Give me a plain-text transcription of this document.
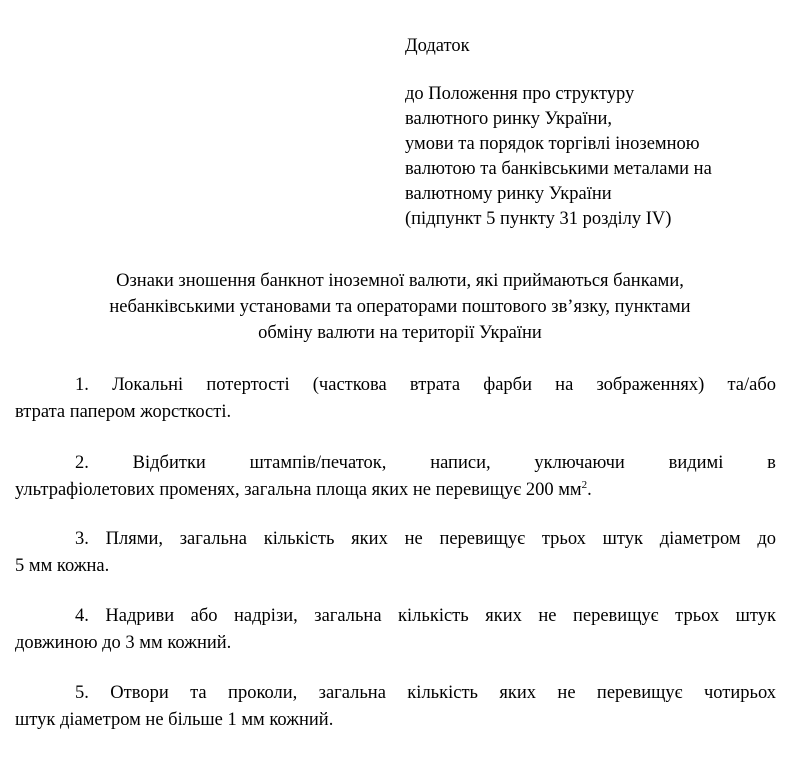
Додаток

до Положення про структуру
валютного ринку України,
умови та порядок торгівлі іноземною
валютою та банківськими металами на
валютному ринку України
(підпункт 5 пункту 31 розділу IV)
Ознаки зношення банкнот іноземної валюти, які приймаються банками,
небанківськими установами та операторами поштового зв’язку, пунктами
обміну валюти на території України
1. Локальні потертості (часткова втрата фарби на зображеннях) та/або
втрата папером жорсткості.
2. Відбитки штампів/печаток, написи, уключаючи видимі в
ультрафіолетових променях, загальна площа яких не перевищує 200 $мм^2$.
3. Плями, загальна кількість яких не перевищує трьох штук діаметром до
5 мм кожна.
4. Надриви або надрізи, загальна кількість яких не перевищує трьох штук
довжиною до 3 мм кожний.
5. Отвори та проколи, загальна кількість яких не перевищує чотирьох
штук діаметром не більше 1 мм кожний.
